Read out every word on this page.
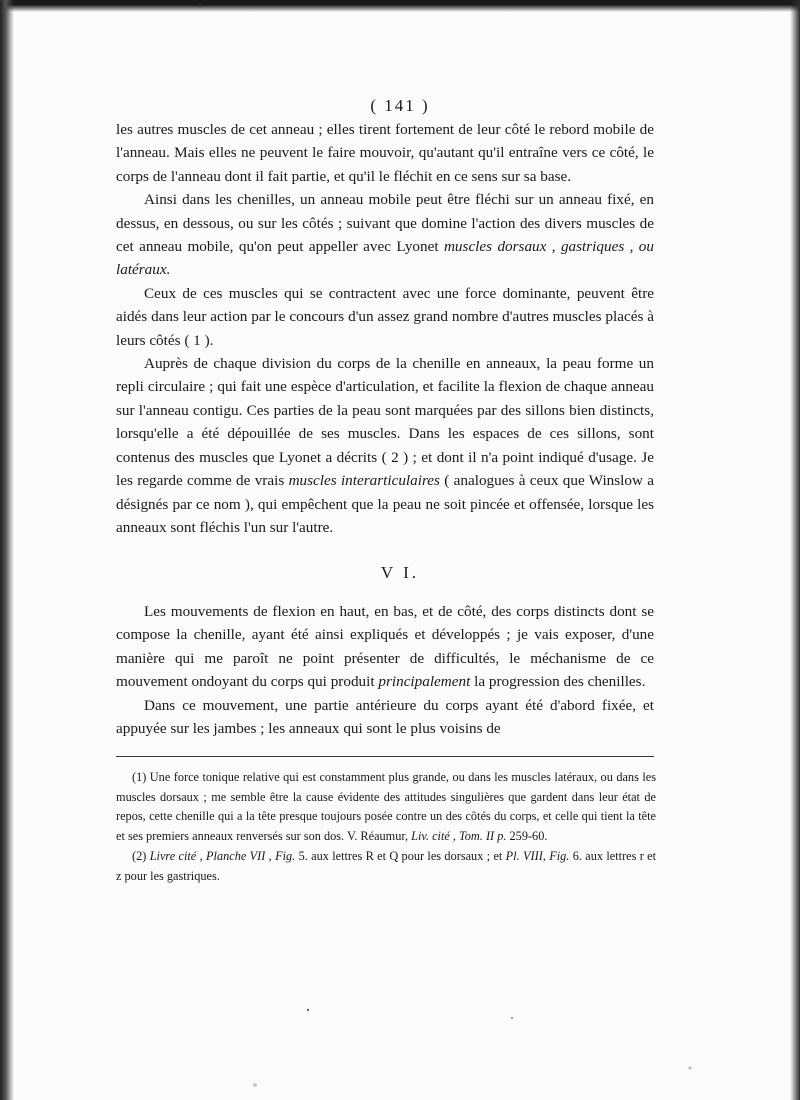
( 141 )

les autres muscles de cet anneau ; elles tirent fortement de leur côté le rebord mobile de l'anneau. Mais elles ne peuvent le faire mouvoir, qu'autant qu'il entraîne vers ce côté, le corps de l'anneau dont il fait partie, et qu'il le fléchit en ce sens sur sa base.

Ainsi dans les chenilles, un anneau mobile peut être fléchi sur un anneau fixé, en dessus, en dessous, ou sur les côtés ; suivant que domine l'action des divers muscles de cet anneau mobile, qu'on peut appeller avec Lyonet muscles dorsaux , gastriques , ou latéraux.

Ceux de ces muscles qui se contractent avec une force dominante, peuvent être aidés dans leur action par le concours d'un assez grand nombre d'autres muscles placés à leurs côtés ( 1 ).

Auprès de chaque division du corps de la chenille en anneaux, la peau forme un repli circulaire ; qui fait une espèce d'articulation, et facilite la flexion de chaque anneau sur l'anneau contigu. Ces parties de la peau sont marquées par des sillons bien distincts, lorsqu'elle a été dépouillée de ses muscles. Dans les espaces de ces sillons, sont contenus des muscles que Lyonet a décrits ( 2 ) ; et dont il n'a point indiqué d'usage. Je les regarde comme de vrais muscles interarticulaires ( analogues à ceux que Winslow a désignés par ce nom ), qui empêchent que la peau ne soit pincée et offensée, lorsque les anneaux sont fléchis l'un sur l'autre.

V I.

Les mouvements de flexion en haut, en bas, et de côté, des corps distincts dont se compose la chenille, ayant été ainsi expliqués et développés ; je vais exposer, d'une manière qui me paroît ne point présenter de difficultés, le méchanisme de ce mouvement ondoyant du corps qui produit principalement la progression des chenilles.

Dans ce mouvement, une partie antérieure du corps ayant été d'abord fixée, et appuyée sur les jambes ; les anneaux qui sont le plus voisins de

(1) Une force tonique relative qui est constamment plus grande, ou dans les muscles latéraux, ou dans les muscles dorsaux ; me semble être la cause évidente des attitudes singulières que gardent dans leur état de repos, cette chenille qui a la tête presque toujours posée contre un des côtés du corps, et celle qui tient la tête et ses premiers anneaux renversés sur son dos. V. Réaumur, Liv. cité , Tom. II p. 259-60.

(2) Livre cité , Planche VII , Fig. 5. aux lettres R et Q pour les dorsaux ; et Pl. VIII, Fig. 6. aux lettres r et z pour les gastriques.
